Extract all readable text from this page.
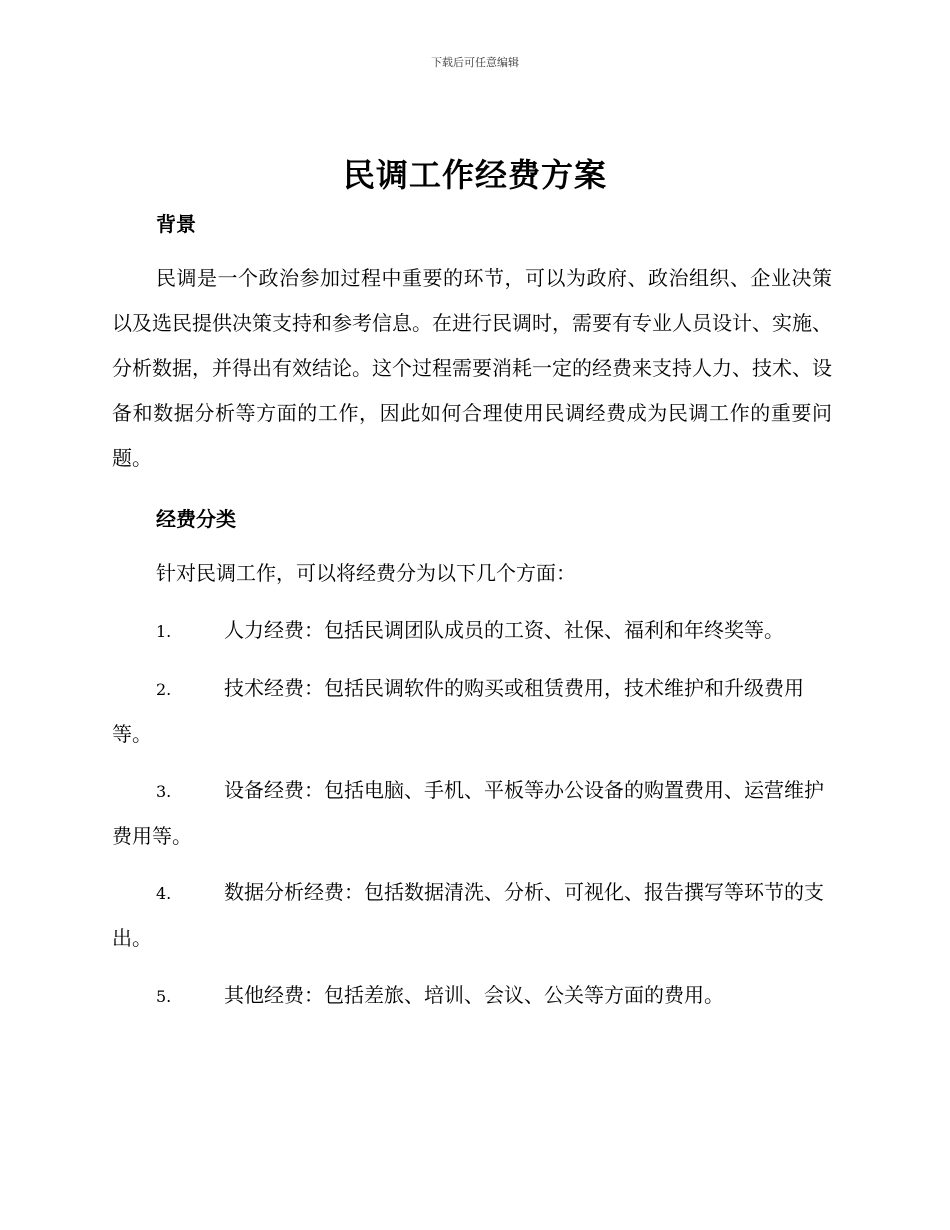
下载后可任意编辑
民调工作经费方案
背景
民调是一个政治参加过程中重要的环节，可以为政府、政治组织、企业决策以及选民提供决策支持和参考信息。在进行民调时，需要有专业人员设计、实施、分析数据，并得出有效结论。这个过程需要消耗一定的经费来支持人力、技术、设备和数据分析等方面的工作，因此如何合理使用民调经费成为民调工作的重要问题。
经费分类
针对民调工作，可以将经费分为以下几个方面：
1.	人力经费：包括民调团队成员的工资、社保、福利和年终奖等。
2.	技术经费：包括民调软件的购买或租赁费用，技术维护和升级费用等。
3.	设备经费：包括电脑、手机、平板等办公设备的购置费用、运营维护费用等。
4.	数据分析经费：包括数据清洗、分析、可视化、报告撰写等环节的支出。
5.	其他经费：包括差旅、培训、会议、公关等方面的费用。
